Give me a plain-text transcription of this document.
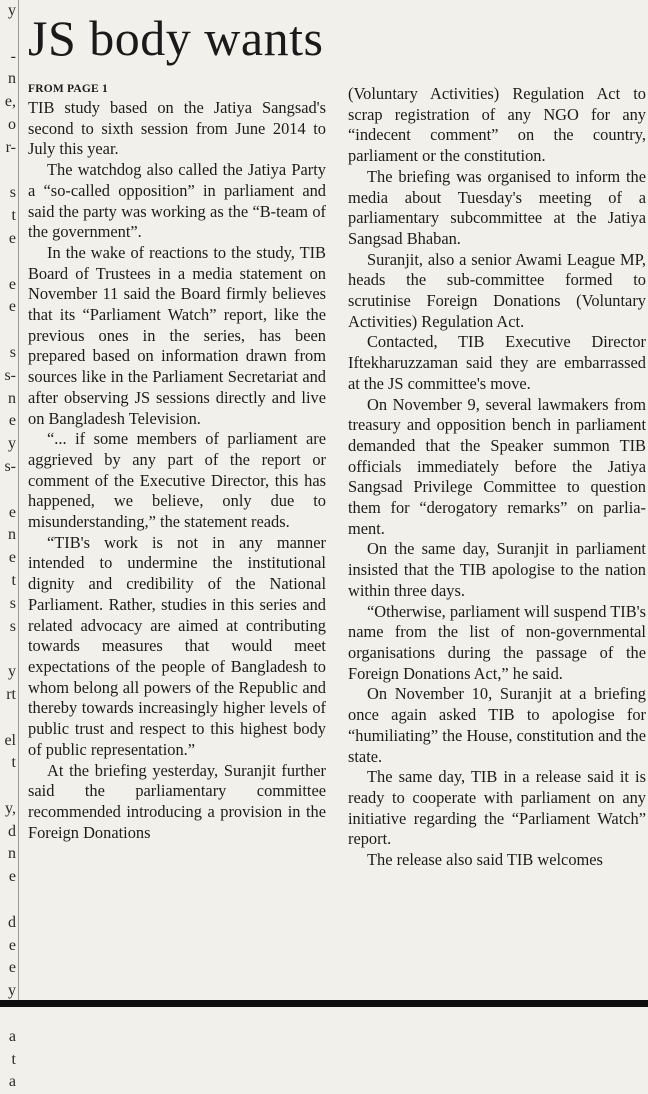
y
-
n
e,
o
r-
s
t
e
e
e
s
s-
n
e
y
s-
e
n
e
t
s
s
y
rt
el
t
y,
d
n
e
d
e
e
y
a
t
a
JS body wants
FROM PAGE 1

TIB study based on the Jatiya Sangsad's second to sixth session from June 2014 to July this year.

The watchdog also called the Jatiya Party a “so-called opposition” in parliament and said the party was working as the “B-team of the government”.

In the wake of reactions to the study, TIB Board of Trustees in a media statement on November 11 said the Board firmly believes that its “Parliament Watch” report, like the previous ones in the series, has been prepared based on information drawn from sources like in the Parliament Secretariat and after observing JS sessions directly and live on Bangladesh Television.

“... if some members of parliament are aggrieved by any part of the report or comment of the Executive Director, this has happened, we believe, only due to misunderstanding,” the statement reads.

“TIB's work is not in any manner intended to undermine the institutional dignity and credibility of the National Parliament. Rather, studies in this series and related advocacy are aimed at contributing towards measures that would meet expectations of the people of Bangladesh to whom belong all powers of the Republic and thereby towards increasingly higher levels of public trust and respect to this highest body of public representation.”

At the briefing yesterday, Suranjit further said the parliamentary committee recommended introducing a provision in the Foreign Donations

(Voluntary Activities) Regulation Act to scrap registration of any NGO for any “indecent comment” on the country, parliament or the constitution.

The briefing was organised to inform the media about Tuesday's meeting of a parliamentary subcommittee at the Jatiya Sangsad Bhaban.

Suranjit, also a senior Awami League MP, heads the sub-committee formed to scrutinise Foreign Donations (Voluntary Activities) Regulation Act.

Contacted, TIB Executive Director Iftekharuzzaman said they are embarrassed at the JS committee's move.

On November 9, several lawmakers from treasury and opposition bench in parliament demanded that the Speaker summon TIB officials immediately before the Jatiya Sangsad Privilege Committee to question them for “derogatory remarks” on parliament.

On the same day, Suranjit in parliament insisted that the TIB apologise to the nation within three days.

“Otherwise, parliament will suspend TIB's name from the list of non-governmental organisations during the passage of the Foreign Donations Act,” he said.

On November 10, Suranjit at a briefing once again asked TIB to apologise for “humiliating” the House, constitution and the state.

The same day, TIB in a release said it is ready to cooperate with parliament on any initiative regarding the “Parliament Watch” report.

The release also said TIB welcomes
